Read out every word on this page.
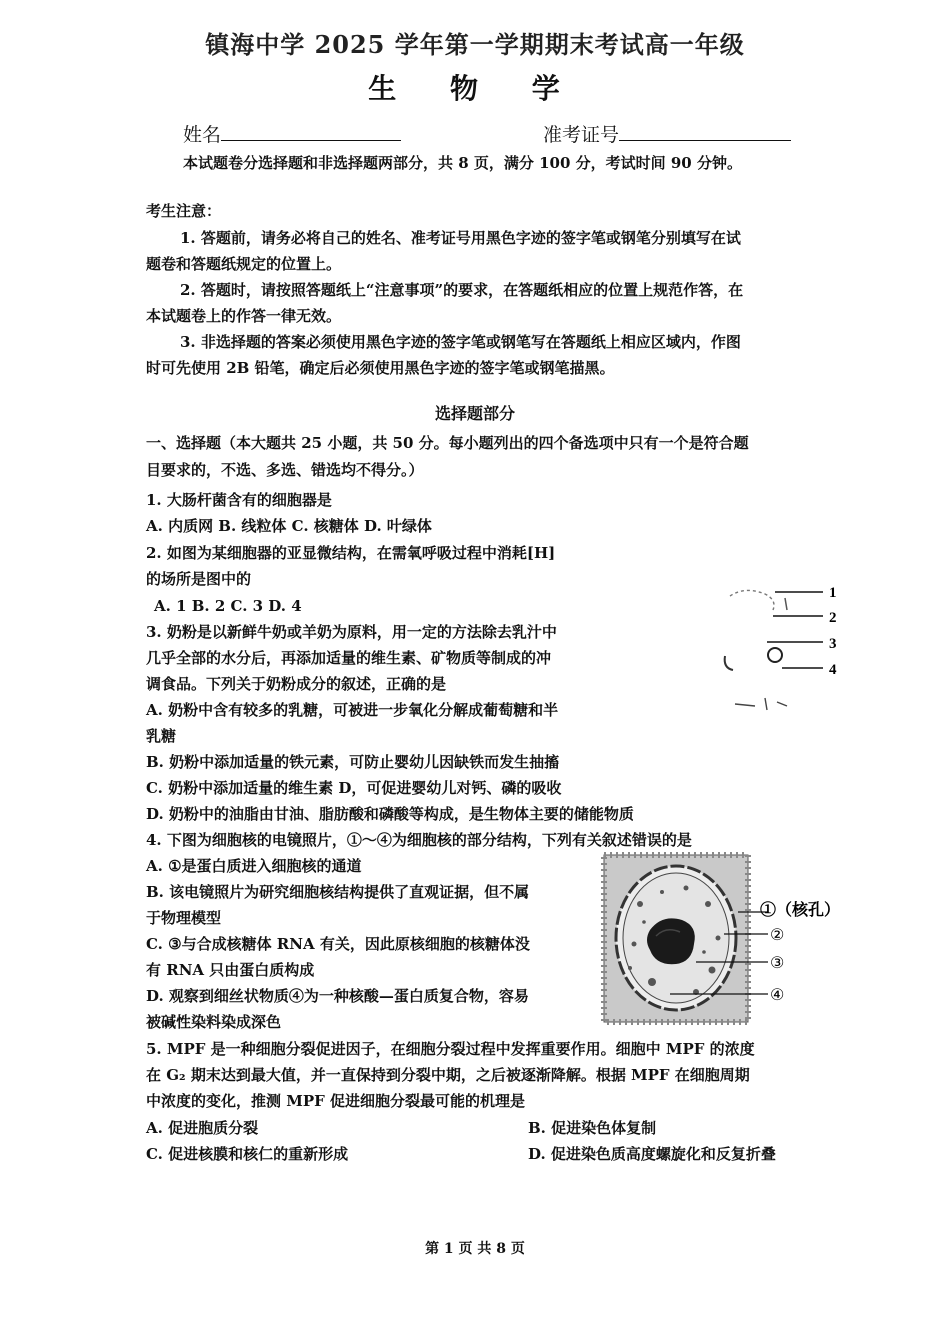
镇海中学 2025 学年第一学期期末考试高一年级
生 物 学
姓名	准考证号
本试题卷分选择题和非选择题两部分，共 8 页，满分 100 分，考试时间 90 分钟。
考生注意：
1. 答题前，请务必将自己的姓名、准考证号用黑色字迹的签字笔或钢笔分别填写在试
题卷和答题纸规定的位置上。
2. 答题时，请按照答题纸上“注意事项”的要求，在答题纸相应的位置上规范作答，在
本试题卷上的作答一律无效。
3. 非选择题的答案必须使用黑色字迹的签字笔或钢笔写在答题纸上相应区域内，作图
时可先使用 2B 铅笔，确定后必须使用黑色字迹的签字笔或钢笔描黑。
选择题部分
一、选择题（本大题共 25 小题，共 50 分。每小题列出的四个备选项中只有一个是符合题
目要求的，不选、多选、错选均不得分。）
1. 大肠杆菌含有的细胞器是
A. 内质网 B. 线粒体 C. 核糖体 D. 叶绿体
2. 如图为某细胞器的亚显微结构，在需氧呼吸过程中消耗[H]
的场所是图中的
A. 1 B. 2 C. 3 D. 4
1
2
3
4
3. 奶粉是以新鲜牛奶或羊奶为原料，用一定的方法除去乳汁中
几乎全部的水分后，再添加适量的维生素、矿物质等制成的冲
调食品。下列关于奶粉成分的叙述，正确的是
A. 奶粉中含有较多的乳糖，可被进一步氧化分解成葡萄糖和半
乳糖
B. 奶粉中添加适量的铁元素，可防止婴幼儿因缺铁而发生抽搐
C. 奶粉中添加适量的维生素 D，可促进婴幼儿对钙、磷的吸收
D. 奶粉中的油脂由甘油、脂肪酸和磷酸等构成，是生物体主要的储能物质
4. 下图为细胞核的电镜照片，①～④为细胞核的部分结构，下列有关叙述错误的是
A. ①是蛋白质进入细胞核的通道
B. 该电镜照片为研究细胞核结构提供了直观证据，但不属
于物理模型
C. ③与合成核糖体 RNA 有关，因此原核细胞的核糖体没
有 RNA 只由蛋白质构成
D. 观察到细丝状物质④为一种核酸—蛋白质复合物，容易
被碱性染料染成深色
①（核孔）
②
③
④
5. MPF 是一种细胞分裂促进因子，在细胞分裂过程中发挥重要作用。细胞中 MPF 的浓度
在 G₂ 期末达到最大值，并一直保持到分裂中期，之后被逐渐降解。根据 MPF 在细胞周期
中浓度的变化，推测 MPF 促进细胞分裂最可能的机理是
A. 促进胞质分裂	B. 促进染色体复制
C. 促进核膜和核仁的重新形成	D. 促进染色质高度螺旋化和反复折叠
第 1 页 共 8 页
